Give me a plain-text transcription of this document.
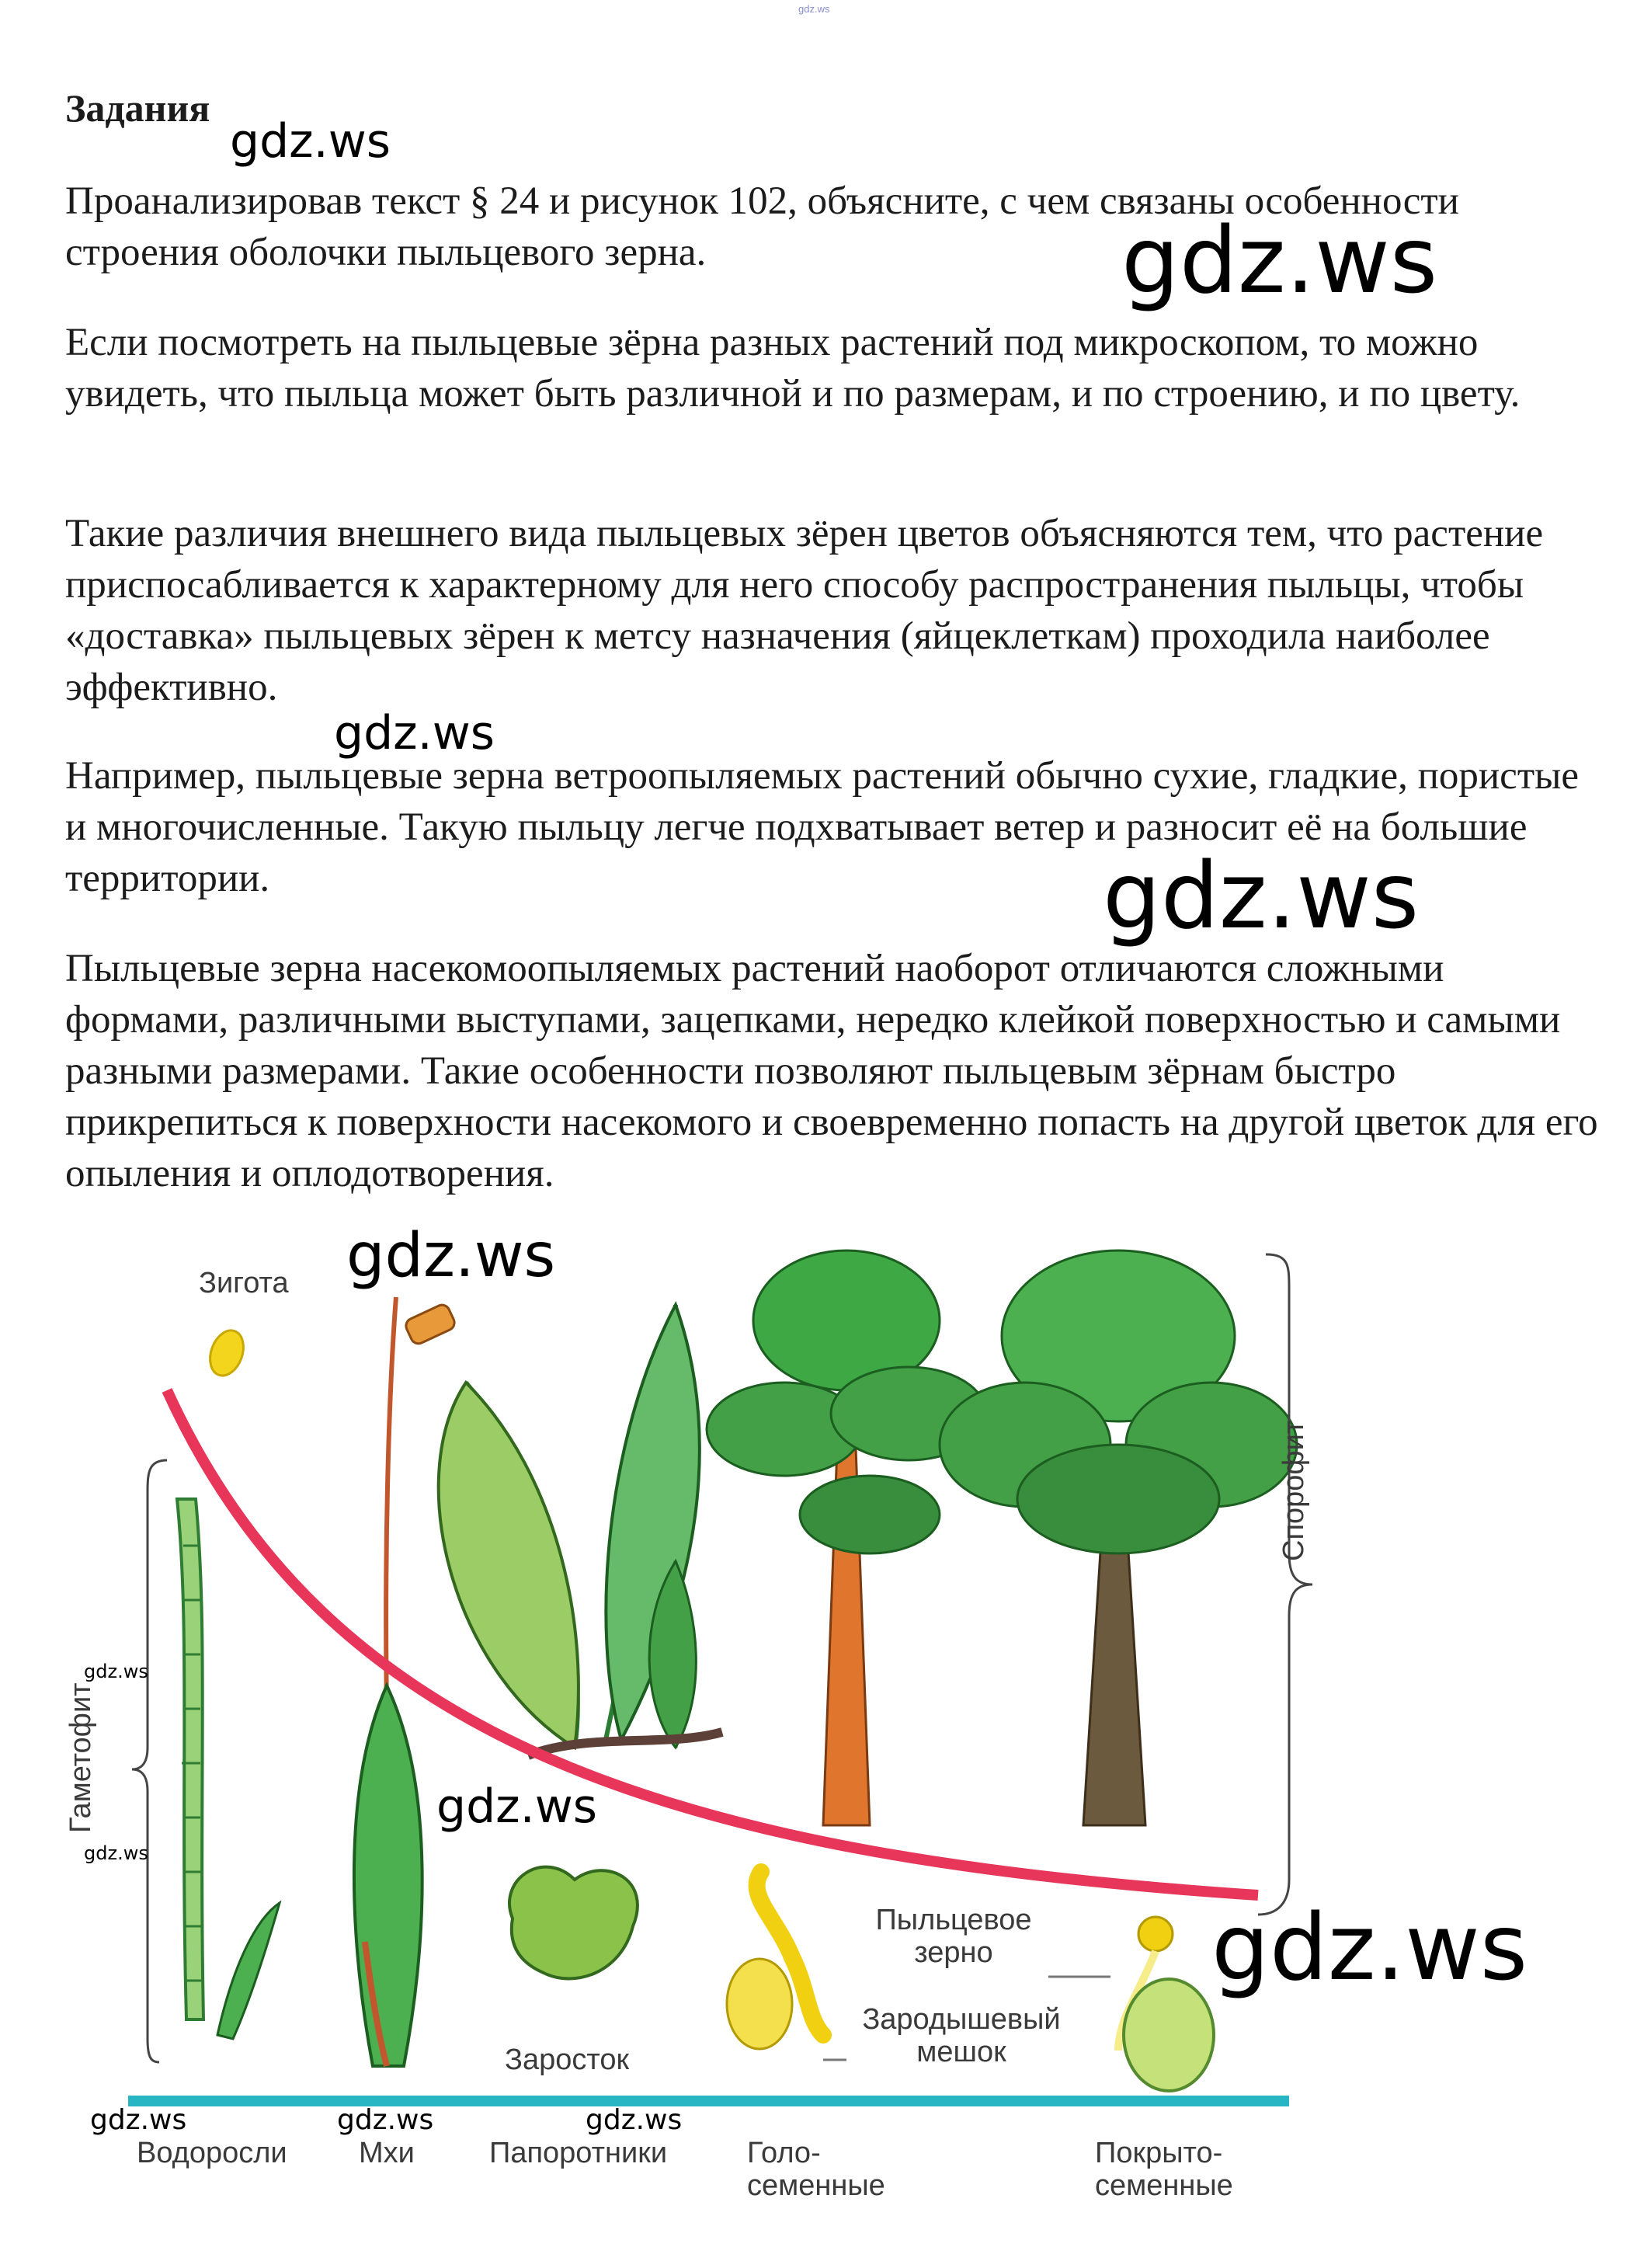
gdz.ws
Задания

Проанализировав текст § 24 и рисунок 102, объясните, с чем связаны особенности строения оболочки пыльцевого зерна.

Если посмотреть на пыльцевые зёрна разных растений под микроскопом, то можно увидеть, что пыльца может быть различной и по размерам, и по строению, и по цвету.

Такие различия внешнего вида пыльцевых зёрен цветов объясняются тем, что растение приспосабливается к характерному для него способу распространения пыльцы, чтобы «доставка» пыльцевых зёрен к метсу назначения (яйцеклеткам) проходила наиболее эффективно.

Например, пыльцевые зерна ветроопыляемых растений обычно сухие, гладкие, пористые и многочисленные. Такую пыльцу легче подхватывает ветер и разносит её на большие территории.

Пыльцевые зерна насекомоопыляемых растений наоборот отличаются сложными формами, различными выступами, зацепками, нередко клейкой поверхностью и самыми разными размерами. Такие особенности позволяют пыльцевым зёрнам быстро прикрепиться к поверхности насекомого и своевременно попасть на другой цветок для его опыления и оплодотворения.

Зигота
Спорофит
Гаметофит
Заросток
Пыльцевое зерно
Зародышевый мешок
Водоросли Мхи	Папоротники	Голо-семенные
Покрыто-семенные
gdz.ws
gdz.ws
gdz.ws
gdz.ws
gdz.ws
gdz.ws
gdz.ws
gdz.ws
gdz.ws
gdz.ws	gdz.ws	gdz.ws
